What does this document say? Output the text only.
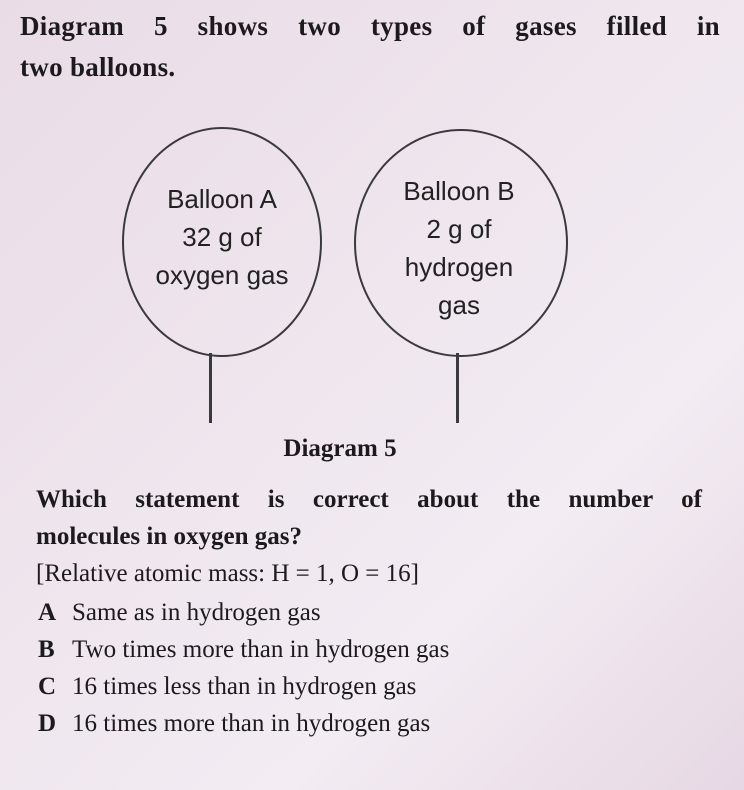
Diagram 5 shows two types of gases filled in
two balloons.
Balloon A
32 g of
oxygen gas
Balloon B
2 g of
hydrogen
gas
Diagram 5
Which statement is correct about the number of
molecules in oxygen gas?
[Relative atomic mass: H = 1, O = 16]
A Same as in hydrogen gas
B Two times more than in hydrogen gas
C 16 times less than in hydrogen gas
D 16 times more than in hydrogen gas
